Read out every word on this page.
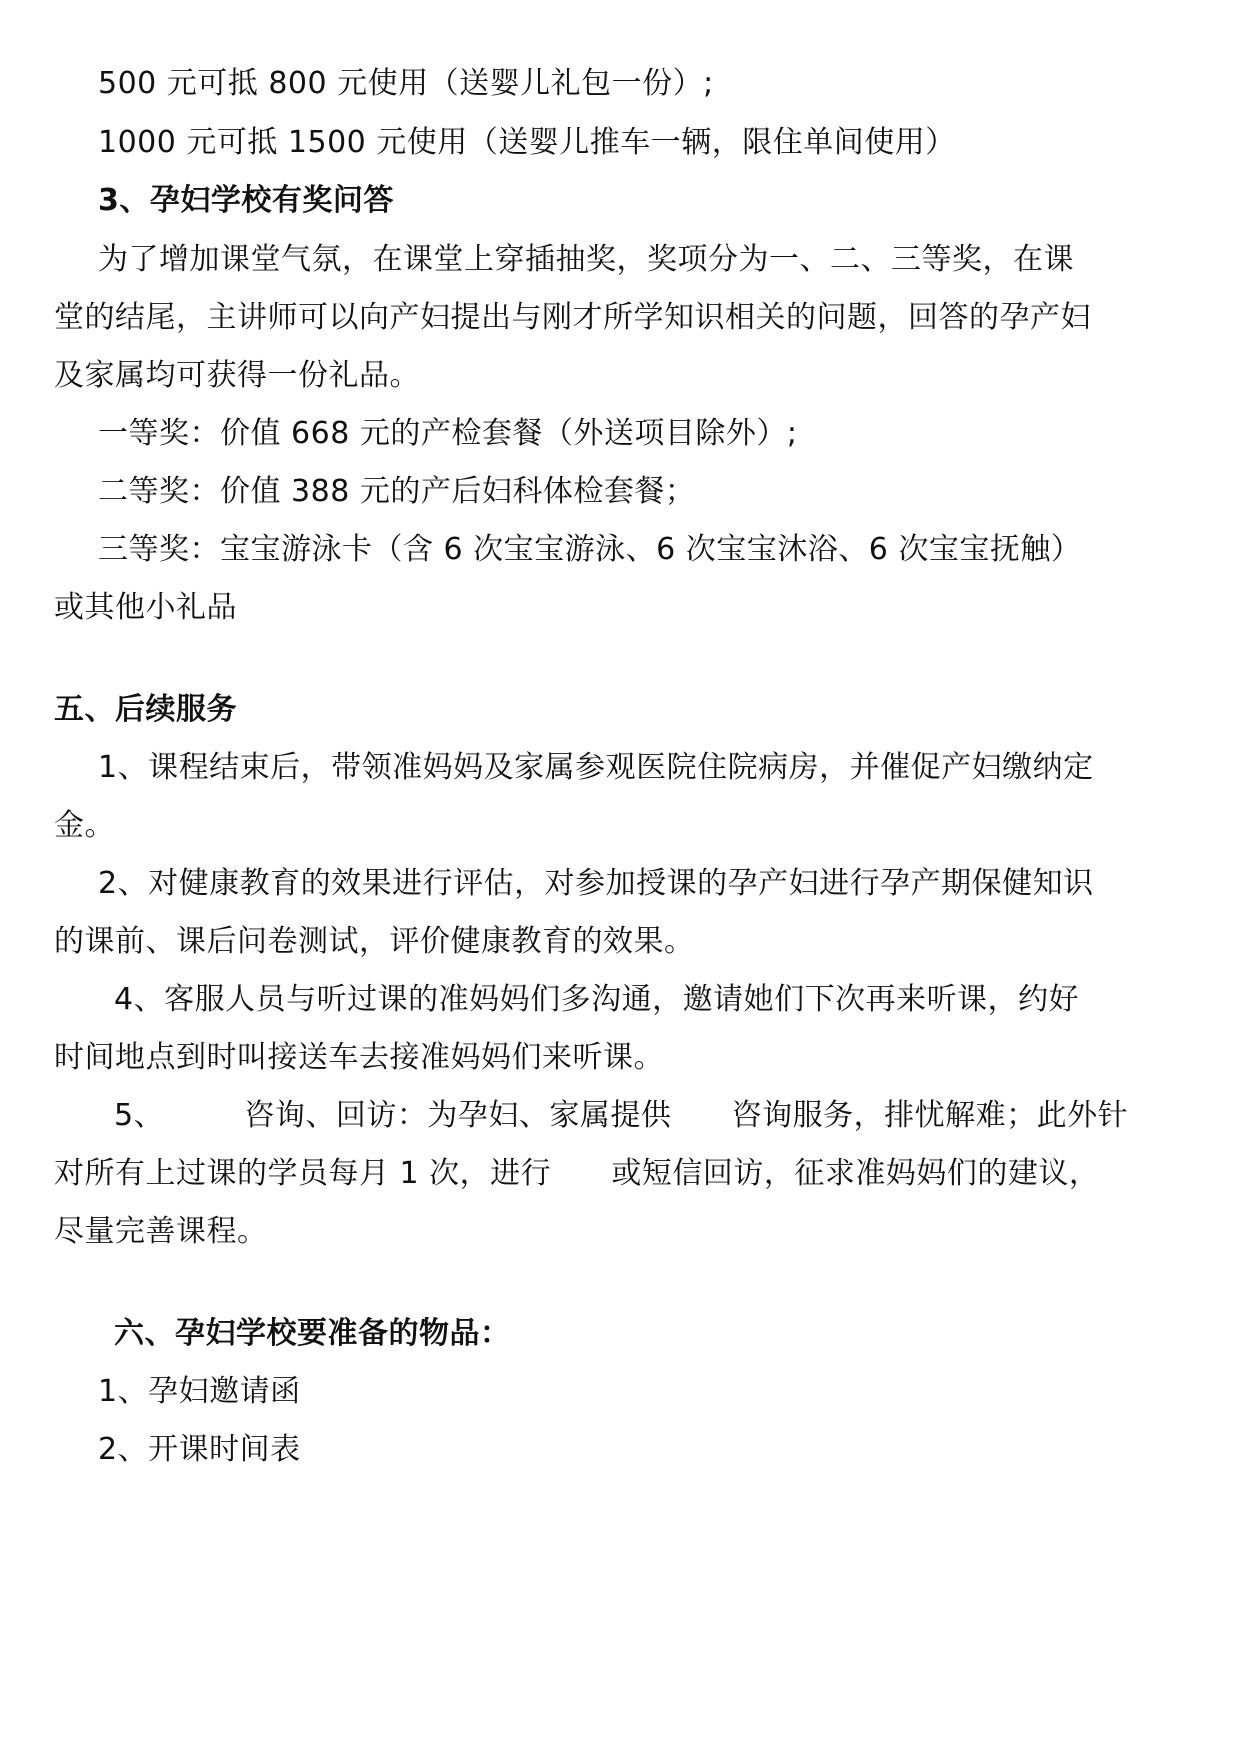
500 元可抵 800 元使用（送婴儿礼包一份）;
1000 元可抵 1500 元使用（送婴儿推车一辆，限住单间使用）
3、孕妇学校有奖问答
为了增加课堂气氛，在课堂上穿插抽奖，奖项分为一、二、三等奖，在课
堂的结尾，主讲师可以向产妇提出与刚才所学知识相关的问题，回答的孕产妇
及家属均可获得一份礼品。
一等奖：价值 668 元的产检套餐（外送项目除外）;
二等奖：价值 388 元的产后妇科体检套餐；
三等奖：宝宝游泳卡（含 6 次宝宝游泳、6 次宝宝沐浴、6 次宝宝抚触）
或其他小礼品
五、后续服务
1、课程结束后，带领准妈妈及家属参观医院住院病房，并催促产妇缴纳定
金。
2、对健康教育的效果进行评估，对参加授课的孕产妇进行孕产期保健知识
的课前、课后问卷测试，评价健康教育的效果。
4、客服人员与听过课的准妈妈们多沟通，邀请她们下次再来听课，约好
时间地点到时叫接送车去接准妈妈们来听课。
5、        咨询、回访：为孕妇、家属提供      咨询服务，排忧解难；此外针
对所有上过课的学员每月 1 次，进行      或短信回访，征求准妈妈们的建议，
尽量完善课程。
六、孕妇学校要准备的物品：
1、孕妇邀请函
2、开课时间表
